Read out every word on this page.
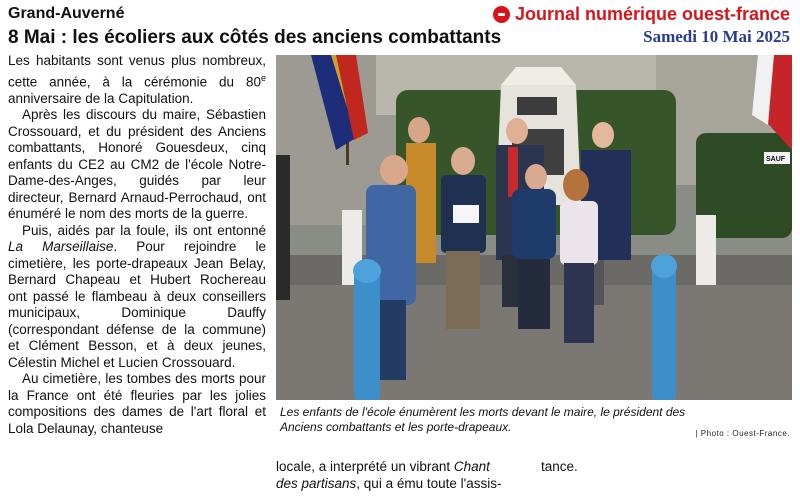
Grand-Auverné	Journal numérique ouest-france
8 Mai : les écoliers aux côtés des anciens combattants	Samedi 10 Mai 2025

Les habitants sont venus plus nombreux, cette année, à la cérémonie du 80e anniversaire de la Capitulation.

Après les discours du maire, Sébastien Crossouard, et du président des Anciens combattants, Honoré Gouesdeux, cinq enfants du CE2 au CM2 de l'école Notre-Dame-des-Anges, guidés par leur directeur, Bernard Arnaud-Perrochaud, ont énuméré le nom des morts de la guerre.

Puis, aidés par la foule, ils ont entonné La Marseillaise. Pour rejoindre le cimetière, les porte-drapeaux Jean Belay, Bernard Chapeau et Hubert Rochereau ont passé le flambeau à deux conseillers municipaux, Dominique Dauffy (correspondant défense de la commune) et Clément Besson, et à deux jeunes, Célestin Michel et Lucien Crossouard.

Au cimetière, les tombes des morts pour la France ont été fleuries par les jolies compositions des dames de l'art floral et Lola Delaunay, chanteuse

SAUF
Les enfants de l'école énumèrent les morts devant le maire, le président des Anciens combattants et les porte-drapeaux.	| Photo : Ouest-France.
locale, a interprété un vibrant Chant
des partisans, qui a ému toute l'assis-
tance.
